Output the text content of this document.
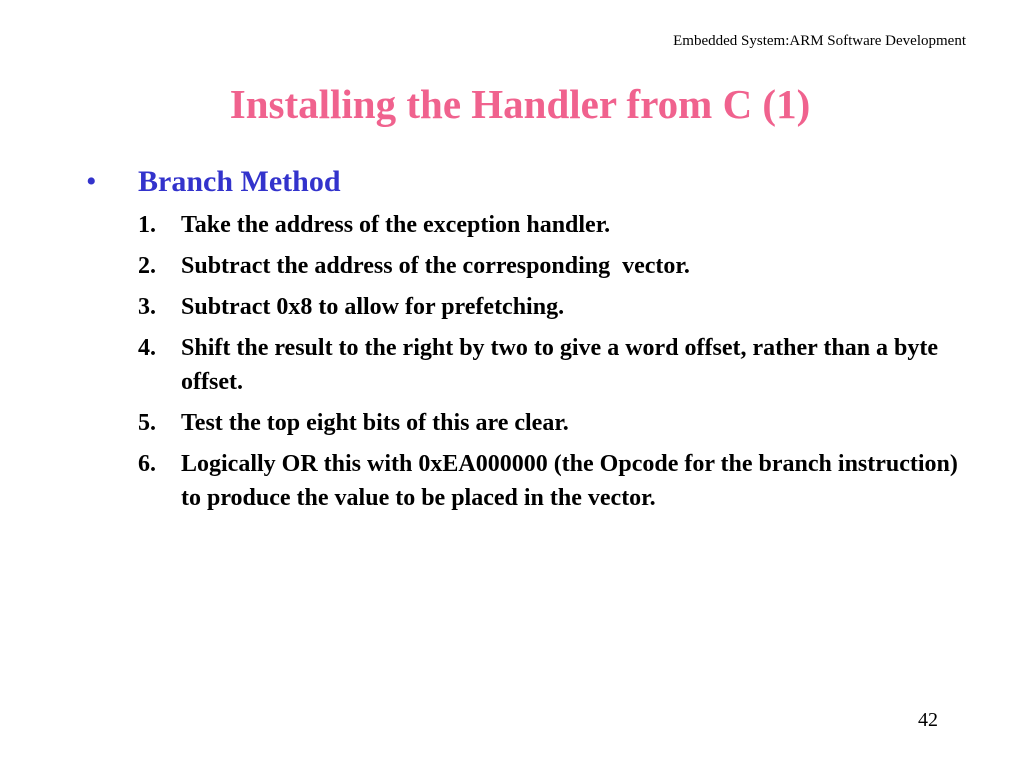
Embedded System:ARM Software Development
Installing the Handler from C (1)
• Branch Method
1. Take the address of the exception handler.
2. Subtract the address of the corresponding  vector.
3. Subtract 0x8 to allow for prefetching.
4. Shift the result to the right by two to give a word offset, rather than a byte offset.
5. Test the top eight bits of this are clear.
6. Logically OR this with 0xEA000000 (the Opcode for the branch instruction) to produce the value to be placed in the vector.
42
